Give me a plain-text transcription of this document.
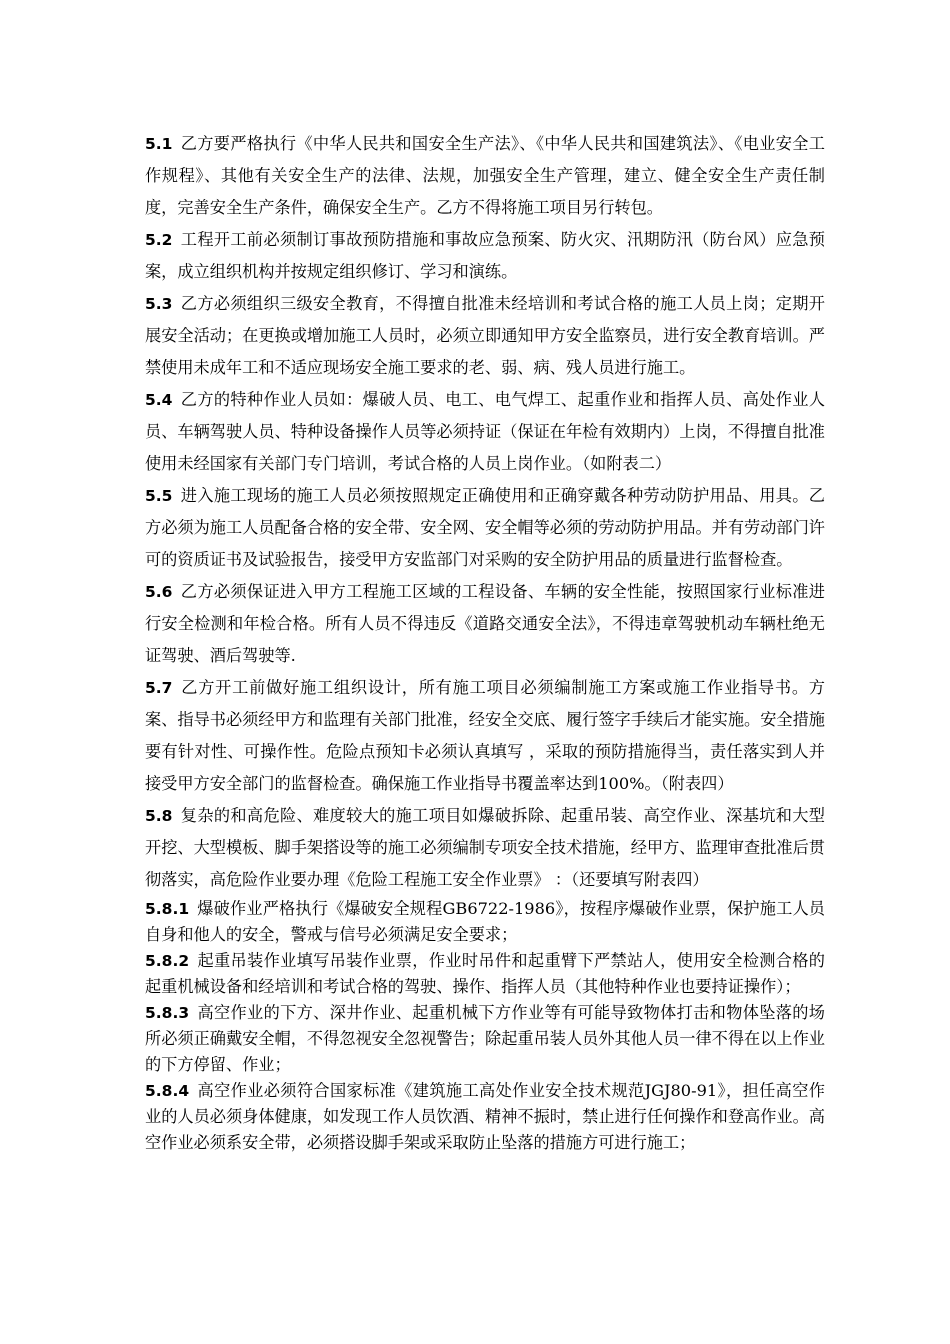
5.1 乙方要严格执行《中华人民共和国安全生产法》、《中华人民共和国建筑法》、《电业安全工作规程》、其他有关安全生产的法律、法规，加强安全生产管理，建立、健全安全生产责任制度，完善安全生产条件，确保安全生产。乙方不得将施工项目另行转包。

5.2 工程开工前必须制订事故预防措施和事故应急预案、防火灾、汛期防汛（防台风）应急预案，成立组织机构并按规定组织修订、学习和演练。

5.3 乙方必须组织三级安全教育，不得擅自批准未经培训和考试合格的施工人员上岗；定期开展安全活动；在更换或增加施工人员时，必须立即通知甲方安全监察员，进行安全教育培训。严禁使用未成年工和不适应现场安全施工要求的老、弱、病、残人员进行施工。

5.4 乙方的特种作业人员如：爆破人员、电工、电气焊工、起重作业和指挥人员、高处作业人员、车辆驾驶人员、特种设备操作人员等必须持证（保证在年检有效期内）上岗，不得擅自批准使用未经国家有关部门专门培训，考试合格的人员上岗作业。（如附表二）

5.5 进入施工现场的施工人员必须按照规定正确使用和正确穿戴各种劳动防护用品、用具。乙方必须为施工人员配备合格的安全带、安全网、安全帽等必须的劳动防护用品。并有劳动部门许可的资质证书及试验报告，接受甲方安监部门对采购的安全防护用品的质量进行监督检查。

5.6 乙方必须保证进入甲方工程施工区域的工程设备、车辆的安全性能，按照国家行业标准进行安全检测和年检合格。所有人员不得违反《道路交通安全法》，不得违章驾驶机动车辆杜绝无证驾驶、酒后驾驶等.

5.7 乙方开工前做好施工组织设计，所有施工项目必须编制施工方案或施工作业指导书。方案、指导书必须经甲方和监理有关部门批准，经安全交底、履行签字手续后才能实施。安全措施要有针对性、可操作性。危险点预知卡必须认真填写 ，采取的预防措施得当，责任落实到人并接受甲方安全部门的监督检查。确保施工作业指导书覆盖率达到100%。（附表四）

5.8 复杂的和高危险、难度较大的施工项目如爆破拆除、起重吊装、高空作业、深基坑和大型开挖、大型模板、脚手架搭设等的施工必须编制专项安全技术措施，经甲方、监理审查批准后贯彻落实，高危险作业要办理《危险工程施工安全作业票》 ：（还要填写附表四）

5.8.1 爆破作业严格执行《爆破安全规程GB6722-1986》，按程序爆破作业票，保护施工人员自身和他人的安全，警戒与信号必须满足安全要求；

5.8.2 起重吊装作业填写吊装作业票，作业时吊件和起重臂下严禁站人，使用安全检测合格的起重机械设备和经培训和考试合格的驾驶、操作、指挥人员（其他特种作业也要持证操作）；

5.8.3 高空作业的下方、深井作业、起重机械下方作业等有可能导致物体打击和物体坠落的场所必须正确戴安全帽，不得忽视安全忽视警告；除起重吊装人员外其他人员一律不得在以上作业的下方停留、作业；

5.8.4 高空作业必须符合国家标准《建筑施工高处作业安全技术规范JGJ80-91》，担任高空作业的人员必须身体健康，如发现工作人员饮酒、精神不振时，禁止进行任何操作和登高作业。高空作业必须系安全带，必须搭设脚手架或采取防止坠落的措施方可进行施工；
